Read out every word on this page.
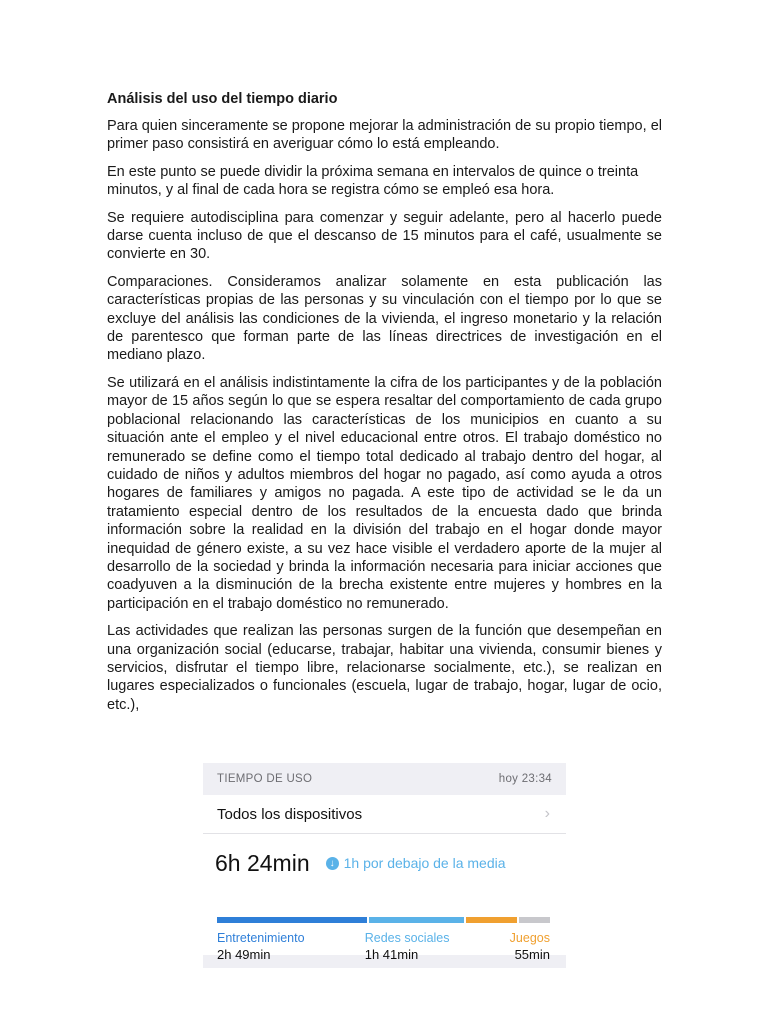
Análisis del uso del tiempo diario

Para quien sinceramente se propone mejorar la administración de su propio tiempo, el primer paso consistirá en averiguar cómo lo está empleando.

En este punto se puede dividir la próxima semana en intervalos de quince o treinta minutos, y al final de cada hora se registra cómo se empleó esa hora.

Se requiere autodisciplina para comenzar y seguir adelante, pero al hacerlo puede darse cuenta incluso de que el descanso de 15 minutos para el café, usualmente se convierte en 30.

Comparaciones. Consideramos analizar solamente en esta publicación las características propias de las personas y su vinculación con el tiempo por lo que se excluye del análisis las condiciones de la vivienda, el ingreso monetario y la relación de parentesco que forman parte de las líneas directrices de investigación en el mediano plazo.

Se utilizará en el análisis indistintamente la cifra de los participantes y de la población mayor de 15 años según lo que se espera resaltar del comportamiento de cada grupo poblacional relacionando las características de los municipios en cuanto a su situación ante el empleo y el nivel educacional entre otros. El trabajo doméstico no remunerado se define como el tiempo total dedicado al trabajo dentro del hogar, al cuidado de niños y adultos miembros del hogar no pagado, así como ayuda a otros hogares de familiares y amigos no pagada. A este tipo de actividad se le da un tratamiento especial dentro de los resultados de la encuesta dado que brinda información sobre la realidad en la división del trabajo en el hogar donde mayor inequidad de género existe, a su vez hace visible el verdadero aporte de la mujer al desarrollo de la sociedad y brinda la información necesaria para iniciar acciones que coadyuven a la disminución de la brecha existente entre mujeres y hombres en la participación en el trabajo doméstico no remunerado.

Las actividades que realizan las personas surgen de la función que desempeñan en una organización social (educarse, trabajar, habitar una vivienda, consumir bienes y servicios, disfrutar el tiempo libre, relacionarse socialmente, etc.), se realizan en lugares especializados o funcionales (escuela, lugar de trabajo, hogar, lugar de ocio, etc.),

TIEMPO DE USO	hoy 23:34
Todos los dispositivos	›
6h 24min	↓ 1h por debajo de la media
Entretenimiento
2h 49min
Redes sociales
1h 41min
Juegos
55min
